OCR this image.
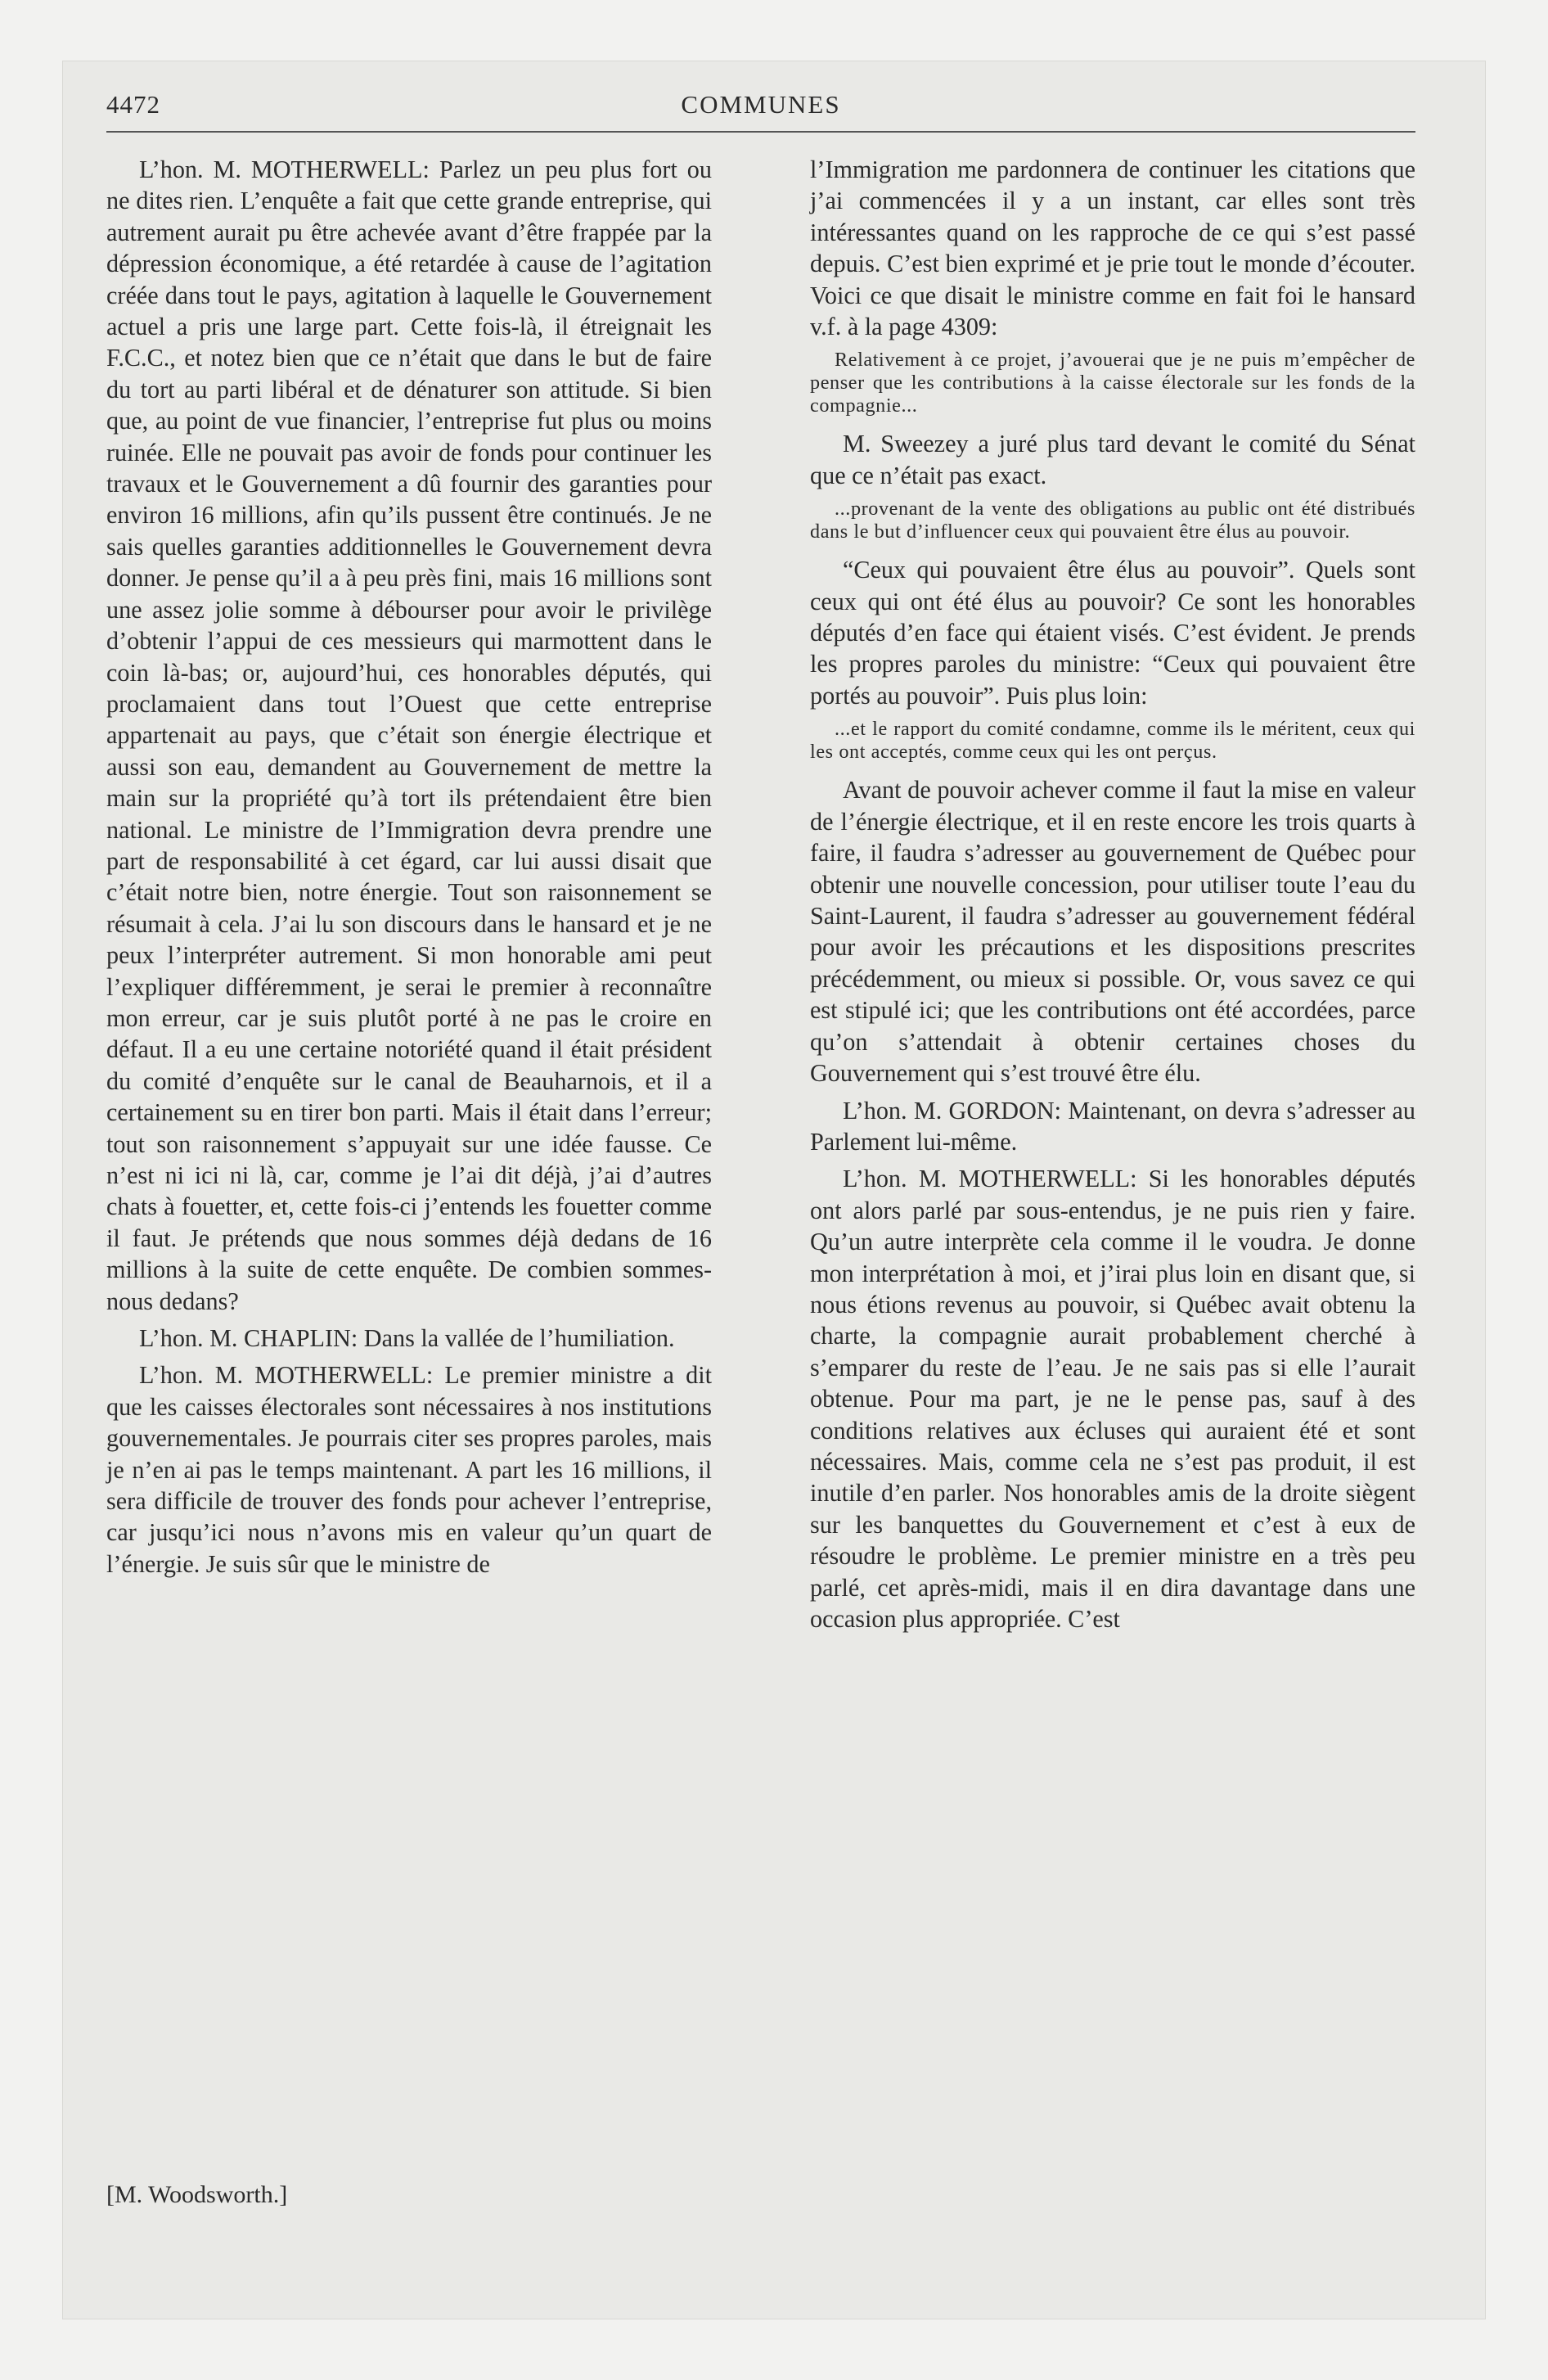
4472	COMMUNES

L’hon. M. MOTHERWELL: Parlez un peu plus fort ou ne dites rien. L’enquête a fait que cette grande entreprise, qui autrement aurait pu être achevée avant d’être frappée par la dépression économique, a été retardée à cause de l’agitation créée dans tout le pays, agitation à laquelle le Gouvernement actuel a pris une large part. Cette fois-là, il étreignait les F.C.C., et notez bien que ce n’était que dans le but de faire du tort au parti libéral et de dénaturer son attitude. Si bien que, au point de vue financier, l’entreprise fut plus ou moins ruinée. Elle ne pouvait pas avoir de fonds pour continuer les travaux et le Gouvernement a dû fournir des garanties pour environ 16 millions, afin qu’ils pussent être continués. Je ne sais quelles garanties additionnelles le Gouvernement devra donner. Je pense qu’il a à peu près fini, mais 16 millions sont une assez jolie somme à débourser pour avoir le privilège d’obtenir l’appui de ces messieurs qui marmottent dans le coin là-bas; or, aujourd’hui, ces honorables députés, qui proclamaient dans tout l’Ouest que cette entreprise appartenait au pays, que c’était son énergie électrique et aussi son eau, demandent au Gouvernement de mettre la main sur la propriété qu’à tort ils prétendaient être bien national. Le ministre de l’Immigration devra prendre une part de responsabilité à cet égard, car lui aussi disait que c’était notre bien, notre énergie. Tout son raisonnement se résumait à cela. J’ai lu son discours dans le hansard et je ne peux l’interpréter autrement. Si mon honorable ami peut l’expliquer différemment, je serai le premier à reconnaître mon erreur, car je suis plutôt porté à ne pas le croire en défaut. Il a eu une certaine notoriété quand il était président du comité d’enquête sur le canal de Beauharnois, et il a certainement su en tirer bon parti. Mais il était dans l’erreur; tout son raisonnement s’appuyait sur une idée fausse. Ce n’est ni ici ni là, car, comme je l’ai dit déjà, j’ai d’autres chats à fouetter, et, cette fois-ci j’entends les fouetter comme il faut. Je prétends que nous sommes déjà dedans de 16 millions à la suite de cette enquête. De combien sommes-nous dedans?

L’hon. M. CHAPLIN: Dans la vallée de l’humiliation.

L’hon. M. MOTHERWELL: Le premier ministre a dit que les caisses électorales sont nécessaires à nos institutions gouvernementales. Je pourrais citer ses propres paroles, mais je n’en ai pas le temps maintenant. A part les 16 millions, il sera difficile de trouver des fonds pour achever l’entreprise, car jusqu’ici nous n’avons mis en valeur qu’un quart de l’énergie. Je suis sûr que le ministre de

l’Immigration me pardonnera de continuer les citations que j’ai commencées il y a un instant, car elles sont très intéressantes quand on les rapproche de ce qui s’est passé depuis. C’est bien exprimé et je prie tout le monde d’écouter. Voici ce que disait le ministre comme en fait foi le hansard v.f. à la page 4309:

Relativement à ce projet, j’avouerai que je ne puis m’empêcher de penser que les contributions à la caisse électorale sur les fonds de la compagnie...

M. Sweezey a juré plus tard devant le comité du Sénat que ce n’était pas exact.

...provenant de la vente des obligations au public ont été distribués dans le but d’influencer ceux qui pouvaient être élus au pouvoir.

“Ceux qui pouvaient être élus au pouvoir”. Quels sont ceux qui ont été élus au pouvoir? Ce sont les honorables députés d’en face qui étaient visés. C’est évident. Je prends les propres paroles du ministre: “Ceux qui pouvaient être portés au pouvoir”. Puis plus loin:

...et le rapport du comité condamne, comme ils le méritent, ceux qui les ont acceptés, comme ceux qui les ont perçus.

Avant de pouvoir achever comme il faut la mise en valeur de l’énergie électrique, et il en reste encore les trois quarts à faire, il faudra s’adresser au gouvernement de Québec pour obtenir une nouvelle concession, pour utiliser toute l’eau du Saint-Laurent, il faudra s’adresser au gouvernement fédéral pour avoir les précautions et les dispositions prescrites précédemment, ou mieux si possible. Or, vous savez ce qui est stipulé ici; que les contributions ont été accordées, parce qu’on s’attendait à obtenir certaines choses du Gouvernement qui s’est trouvé être élu.

L’hon. M. GORDON: Maintenant, on devra s’adresser au Parlement lui-même.

L’hon. M. MOTHERWELL: Si les honorables députés ont alors parlé par sous-entendus, je ne puis rien y faire. Qu’un autre interprète cela comme il le voudra. Je donne mon interprétation à moi, et j’irai plus loin en disant que, si nous étions revenus au pouvoir, si Québec avait obtenu la charte, la compagnie aurait probablement cherché à s’emparer du reste de l’eau. Je ne sais pas si elle l’aurait obtenue. Pour ma part, je ne le pense pas, sauf à des conditions relatives aux écluses qui auraient été et sont nécessaires. Mais, comme cela ne s’est pas produit, il est inutile d’en parler. Nos honorables amis de la droite siègent sur les banquettes du Gouvernement et c’est à eux de résoudre le problème. Le premier ministre en a très peu parlé, cet après-midi, mais il en dira davantage dans une occasion plus appropriée. C’est

[M. Woodsworth.]
